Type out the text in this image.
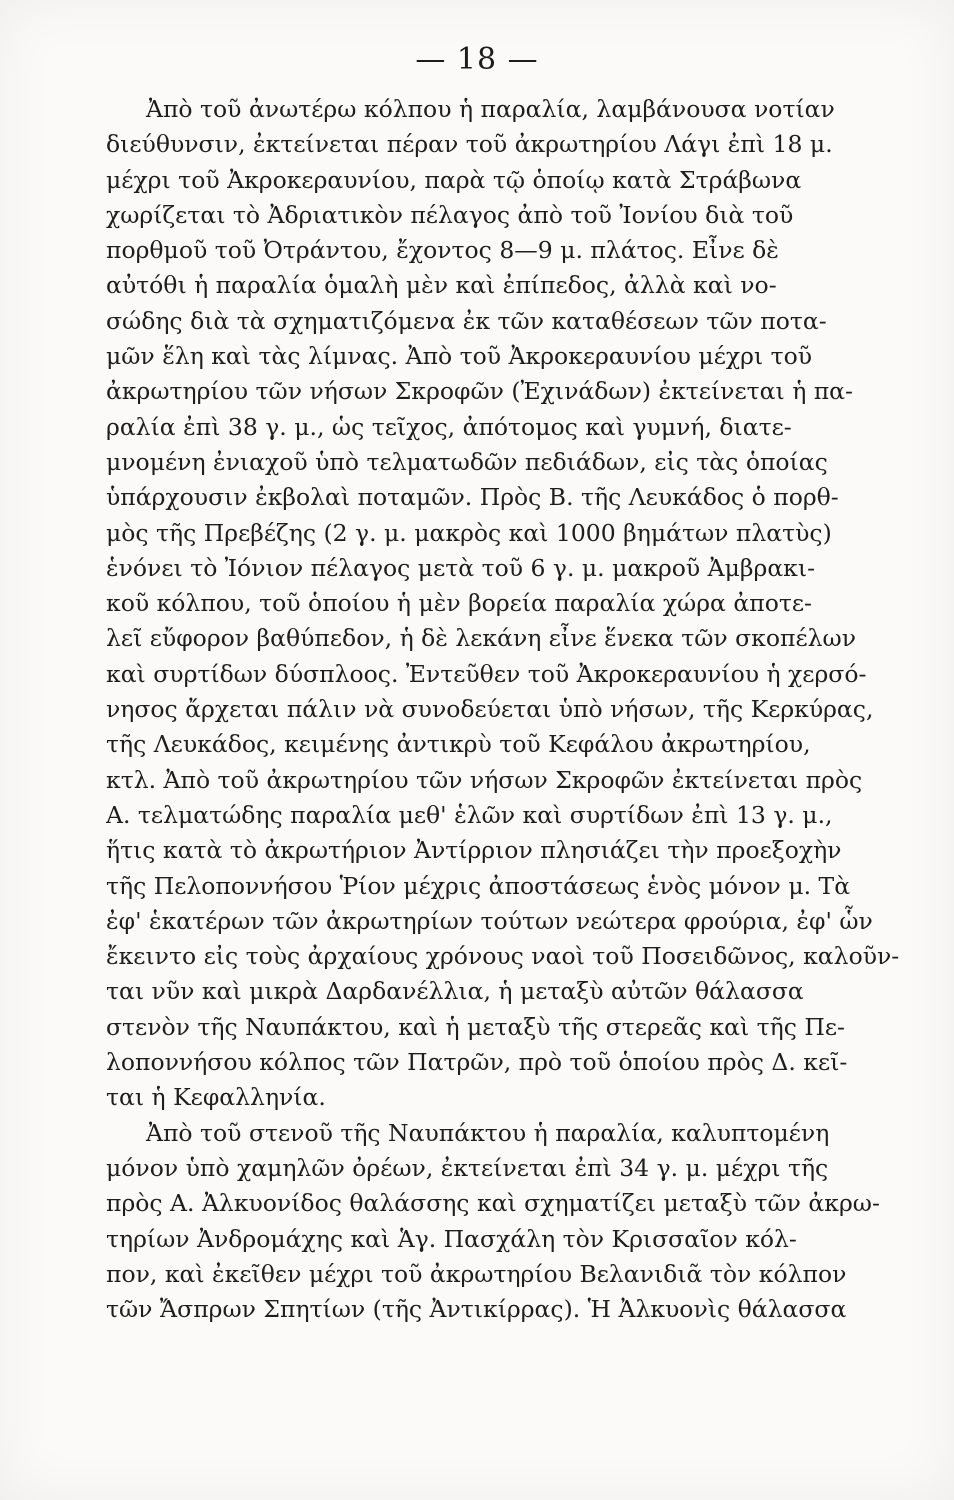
— 18 —
Ἀπὸ τοῦ ἀνωτέρω κόλπου ἡ παραλία, λαμβάνουσα νοτίαν
διεύθυνσιν, ἐκτείνεται πέραν τοῦ ἀκρωτηρίου Λάγι ἐπὶ 18 μ.
μέχρι τοῦ Ἀκροκεραυνίου, παρὰ τῷ ὁποίῳ κατὰ Στράβωνα
χωρίζεται τὸ Ἀδριατικὸν πέλαγος ἀπὸ τοῦ Ἰονίου διὰ τοῦ
πορθμοῦ τοῦ Ὀτράντου, ἔχοντος 8—9 μ. πλάτος. Εἶνε δὲ
αὐτόθι ἡ παραλία ὁμαλὴ μὲν καὶ ἐπίπεδος, ἀλλὰ καὶ νο-
σώδης διὰ τὰ σχηματιζόμενα ἐκ τῶν καταθέσεων τῶν ποτα-
μῶν ἕλη καὶ τὰς λίμνας. Ἀπὸ τοῦ Ἀκροκεραυνίου μέχρι τοῦ
ἀκρωτηρίου τῶν νήσων Σκροφῶν (Ἐχινάδων) ἐκτείνεται ἡ πα-
ραλία ἐπὶ 38 γ. μ., ὡς τεῖχος, ἀπότομος καὶ γυμνή, διατε-
μνομένη ἐνιαχοῦ ὑπὸ τελματωδῶν πεδιάδων, εἰς τὰς ὁποίας
ὑπάρχουσιν ἐκβολαὶ ποταμῶν. Πρὸς Β. τῆς Λευκάδος ὁ πορθ-
μὸς τῆς Πρεβέζης (2 γ. μ. μακρὸς καὶ 1000 βημάτων πλατὺς)
ἑνόνει τὸ Ἰόνιον πέλαγος μετὰ τοῦ 6 γ. μ. μακροῦ Ἀμβρακι-
κοῦ κόλπου, τοῦ ὁποίου ἡ μὲν βορεία παραλία χώρα ἀποτε-
λεῖ εὔφορον βαθύπεδον, ἡ δὲ λεκάνη εἶνε ἕνεκα τῶν σκοπέλων
καὶ συρτίδων δύσπλοος. Ἐντεῦθεν τοῦ Ἀκροκεραυνίου ἡ χερσό-
νησος ἄρχεται πάλιν νὰ συνοδεύεται ὑπὸ νήσων, τῆς Κερκύρας,
τῆς Λευκάδος, κειμένης ἀντικρὺ τοῦ Κεφάλου ἀκρωτηρίου,
κτλ. Ἀπὸ τοῦ ἀκρωτηρίου τῶν νήσων Σκροφῶν ἐκτείνεται πρὸς
Α. τελματώδης παραλία μεθ' ἑλῶν καὶ συρτίδων ἐπὶ 13 γ. μ.,
ἥτις κατὰ τὸ ἀκρωτήριον Ἀντίρριον πλησιάζει τὴν προεξοχὴν
τῆς Πελοποννήσου Ῥίον μέχρις ἀποστάσεως ἑνὸς μόνον μ. Τὰ
ἐφ' ἑκατέρων τῶν ἀκρωτηρίων τούτων νεώτερα φρούρια, ἐφ' ὧν
ἔκειντο εἰς τοὺς ἀρχαίους χρόνους ναοὶ τοῦ Ποσειδῶνος, καλοῦν-
ται νῦν καὶ μικρὰ Δαρδανέλλια, ἡ μεταξὺ αὐτῶν θάλασσα
στενὸν τῆς Ναυπάκτου, καὶ ἡ μεταξὺ τῆς στερεᾶς καὶ τῆς Πε-
λοποννήσου κόλπος τῶν Πατρῶν, πρὸ τοῦ ὁποίου πρὸς Δ. κεῖ-
ται ἡ Κεφαλληνία.
Ἀπὸ τοῦ στενοῦ τῆς Ναυπάκτου ἡ παραλία, καλυπτομένη
μόνον ὑπὸ χαμηλῶν ὀρέων, ἐκτείνεται ἐπὶ 34 γ. μ. μέχρι τῆς
πρὸς Α. Ἀλκυονίδος θαλάσσης καὶ σχηματίζει μεταξὺ τῶν ἀκρω-
τηρίων Ἀνδρομάχης καὶ Ἁγ. Πασχάλη τὸν Κρισσαῖον κόλ-
πον, καὶ ἐκεῖθεν μέχρι τοῦ ἀκρωτηρίου Βελανιδιᾶ τὸν κόλπον
τῶν Ἄσπρων Σπητίων (τῆς Ἀντικίρρας). Ἡ Ἀλκυονὶς θάλασσα
